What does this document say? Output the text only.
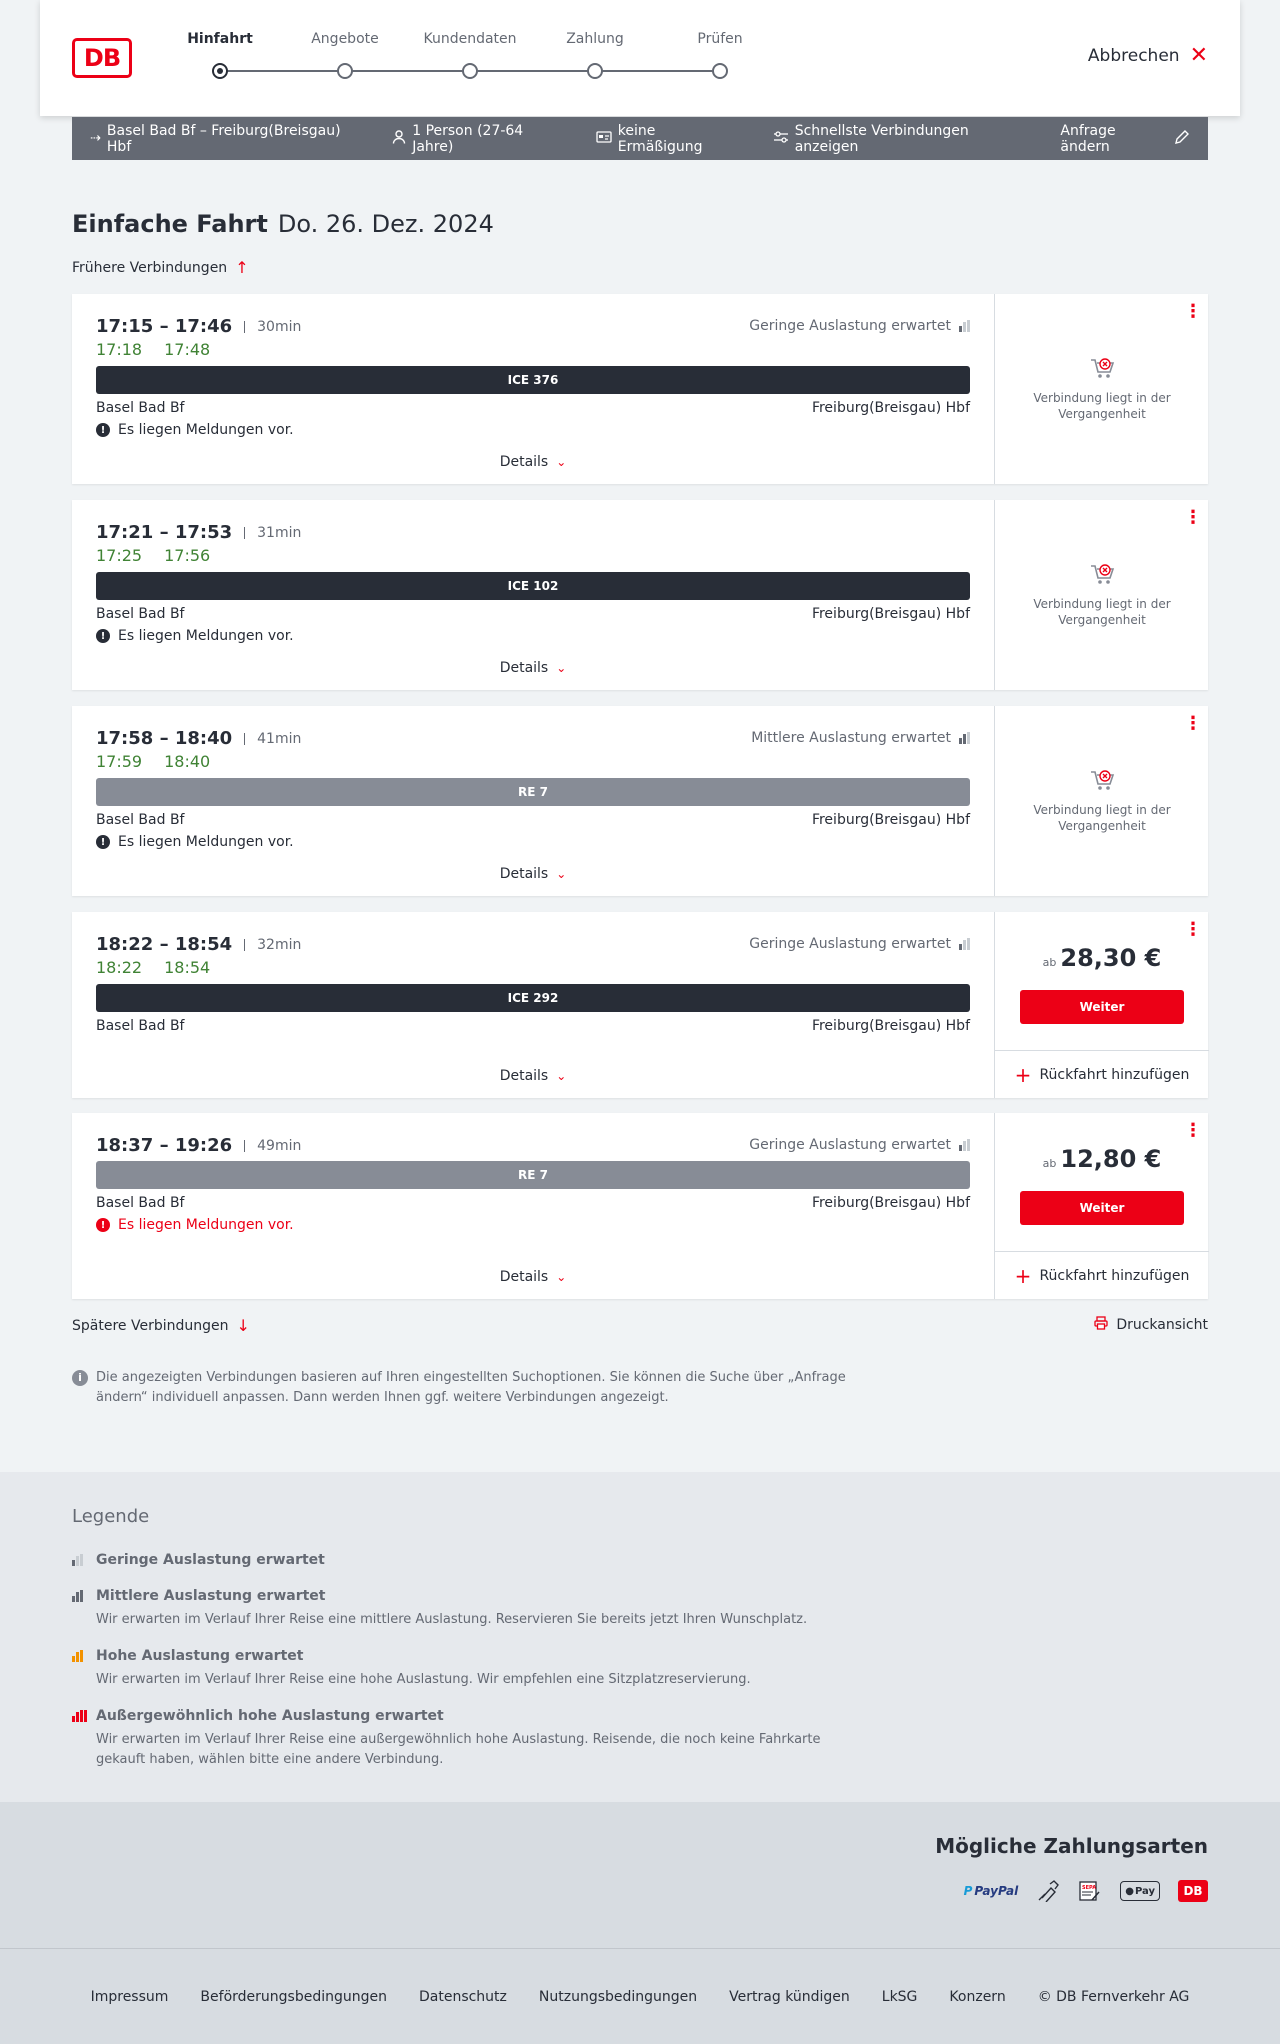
DB
Hinfahrt	Angebote	Kundendaten	Zahlung	Prüfen
Abbrechen ✕
⇢ Basel Bad Bf – Freiburg(Breisgau) Hbf
1 Person (27-64 Jahre)
keine Ermäßigung
Schnellste Verbindungen anzeigen
Anfrage ändern
Einfache Fahrt Do. 26. Dez. 2024
Frühere Verbindungen ↑
17:15 – 17:46	30min
17:18 17:48
Geringe Auslastung erwartet
ICE 376
Basel Bad Bf	Freiburg(Breisgau) Hbf
! Es liegen Meldungen vor.
Details ⌄
⋮
Verbindung liegt in der Vergangenheit
17:21 – 17:53	31min
17:25 17:56
ICE 102
Basel Bad Bf	Freiburg(Breisgau) Hbf
! Es liegen Meldungen vor.
Details ⌄
⋮
Verbindung liegt in der Vergangenheit
17:58 – 18:40	41min
17:59 18:40
Mittlere Auslastung erwartet
RE 7
Basel Bad Bf	Freiburg(Breisgau) Hbf
! Es liegen Meldungen vor.
Details ⌄
⋮
Verbindung liegt in der Vergangenheit
18:22 – 18:54	32min
18:22 18:54
Geringe Auslastung erwartet
ICE 292
Basel Bad Bf	Freiburg(Breisgau) Hbf
Details ⌄
⋮
ab 28,30 €
Weiter
+ Rückfahrt hinzufügen
18:37 – 19:26	49min	Geringe Auslastung erwartet
RE 7
Basel Bad Bf	Freiburg(Breisgau) Hbf
! Es liegen Meldungen vor.
Details ⌄
⋮
ab 12,80 €
Weiter
+ Rückfahrt hinzufügen
Spätere Verbindungen ↓	Druckansicht
i	Die angezeigten Verbindungen basieren auf Ihren eingestellten Suchoptionen. Sie können die Suche über „Anfrage ändern“ individuell anpassen. Dann werden Ihnen ggf. weitere Verbindungen angezeigt.
Legende
Geringe Auslastung erwartet
Mittlere Auslastung erwartet
Wir erwarten im Verlauf Ihrer Reise eine mittlere Auslastung. Reservieren Sie bereits jetzt Ihren Wunschplatz.
Hohe Auslastung erwartet
Wir erwarten im Verlauf Ihrer Reise eine hohe Auslastung. Wir empfehlen eine Sitzplatzreservierung.
Außergewöhnlich hohe Auslastung erwartet
Wir erwarten im Verlauf Ihrer Reise eine außergewöhnlich hohe Auslastung. Reisende, die noch keine Fahrkarte gekauft haben, wählen bitte eine andere Verbindung.
Mögliche Zahlungsarten
P PayPal	SEPA	● Pay DB
Impressum Beförderungsbedingungen Datenschutz Nutzungsbedingungen Vertrag kündigen LkSG Konzern © DB Fernverkehr AG
